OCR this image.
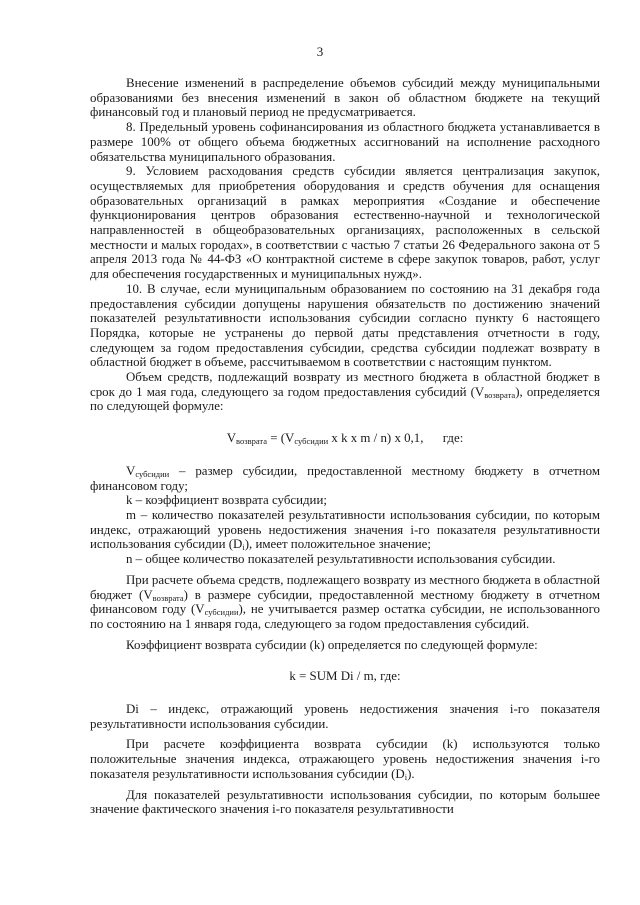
3

Внесение изменений в распределение объемов субсидий между муниципальными образованиями без внесения изменений в закон об областном бюджете на текущий финансовый год и плановый период не предусматривается.

8. Предельный уровень софинансирования из областного бюджета устанавливается в размере 100% от общего объема бюджетных ассигнований на исполнение расходного обязательства муниципального образования.

9. Условием расходования средств субсидии является централизация закупок, осуществляемых для приобретения оборудования и средств обучения для оснащения образовательных организаций в рамках мероприятия «Создание и обеспечение функционирования центров образования естественно-научной и технологической направленностей в общеобразовательных организациях, расположенных в сельской местности и малых городах», в соответствии с частью 7 статьи 26 Федерального закона от 5 апреля 2013 года № 44-ФЗ «О контрактной системе в сфере закупок товаров, работ, услуг для обеспечения государственных и муниципальных нужд».

10. В случае, если муниципальным образованием по состоянию на 31 декабря года предоставления субсидии допущены нарушения обязательств по достижению значений показателей результативности использования субсидии согласно пункту 6 настоящего Порядка, которые не устранены до первой даты представления отчетности в году, следующем за годом предоставления субсидии, средства субсидии подлежат возврату в областной бюджет в объеме, рассчитываемом в соответствии с настоящим пунктом.

Объем средств, подлежащий возврату из местного бюджета в областной бюджет в срок до 1 мая года, следующего за годом предоставления субсидий $(V_{возврата})$, определяется по следующей формуле:

$V_{возврата} = (V_{субсидии}$ x k x m / n) x 0,1,      где:

$V_{субсидии}$ – размер субсидии, предоставленной местному бюджету в отчетном финансовом году;

k – коэффициент возврата субсидии;

m – количество показателей результативности использования субсидии, по которым индекс, отражающий уровень недостижения значения i-го показателя результативности использования субсидии $(D_i)$, имеет положительное значение;

n – общее количество показателей результативности использования субсидии.

При расчете объема средств, подлежащего возврату из местного бюджета в областной бюджет $(V_{возврата})$ в размере субсидии, предоставленной местному бюджету в отчетном финансовом году $(V_{субсидии})$, не учитывается размер остатка субсидии, не использованного по состоянию на 1 января года, следующего за годом предоставления субсидий.

Коэффициент возврата субсидии (k) определяется по следующей формуле:

k = SUM Di / m, где:

Di – индекс, отражающий уровень недостижения значения i-го показателя результативности использования субсидии.

При расчете коэффициента возврата субсидии (k) используются только положительные значения индекса, отражающего уровень недостижения значения i-го показателя результативности использования субсидии $(D_i)$.

Для показателей результативности использования субсидии, по которым большее значение фактического значения i-го показателя результативности
